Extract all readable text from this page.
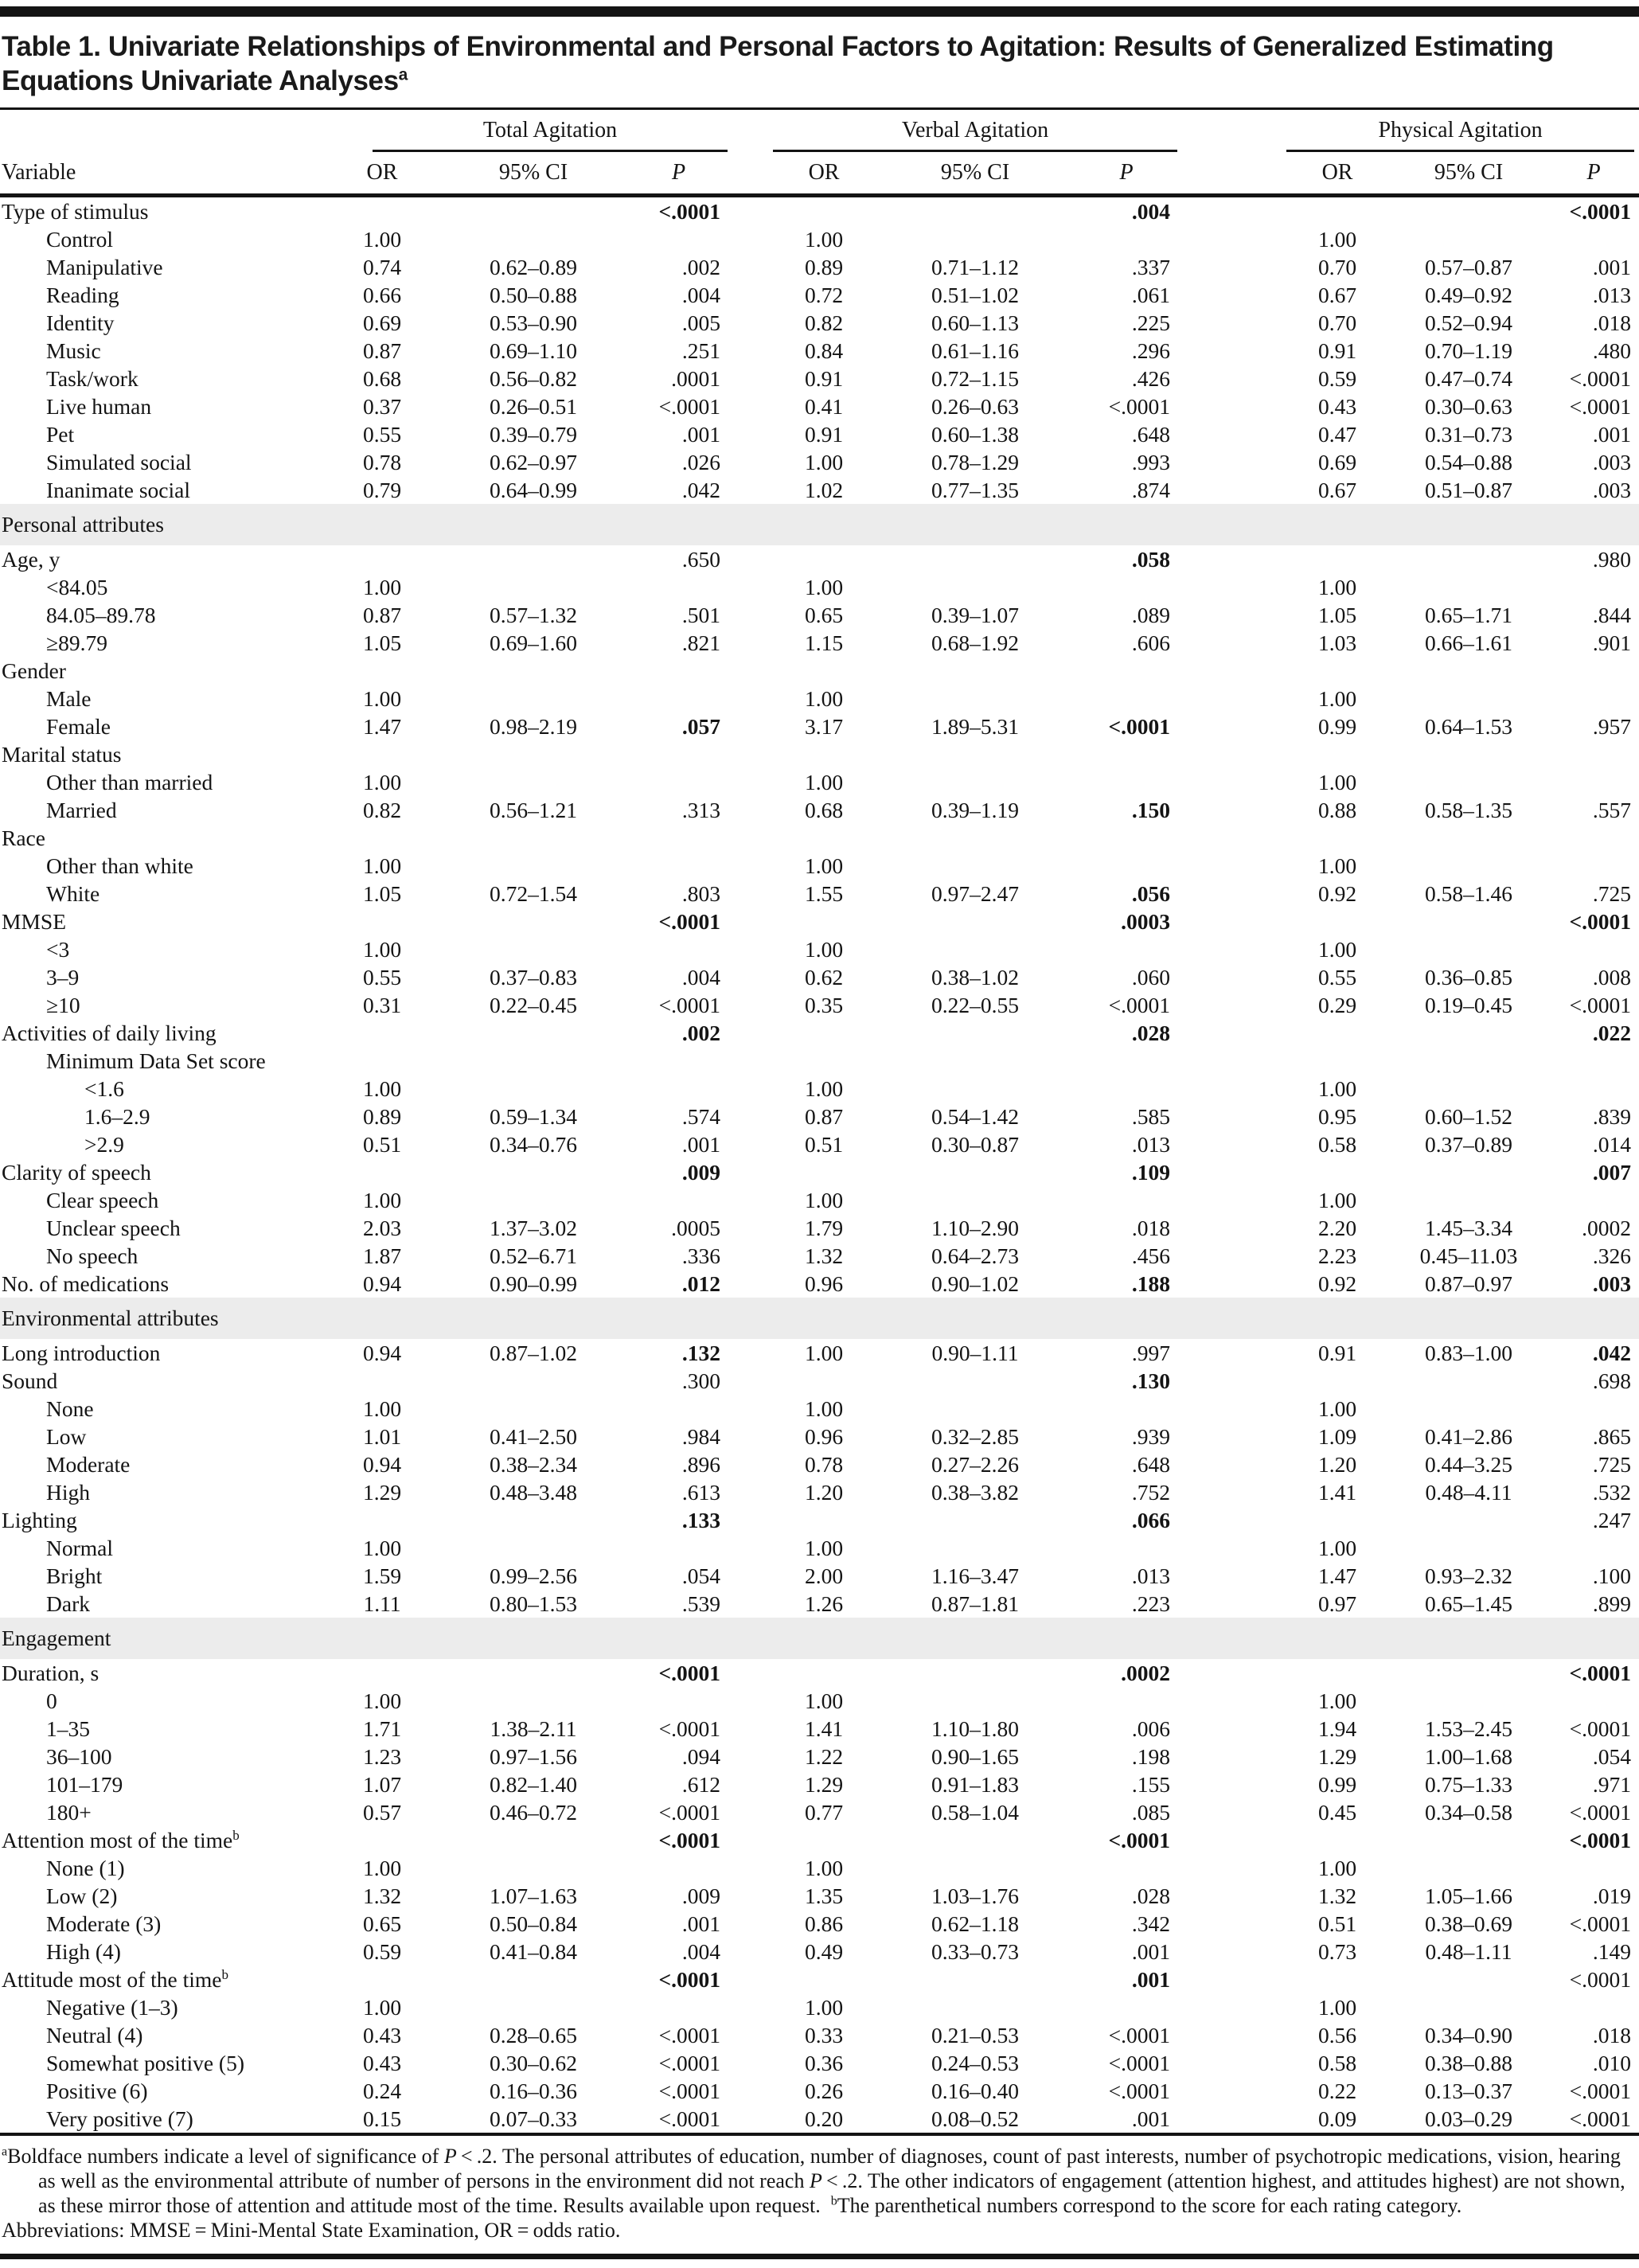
Table 1. Univariate Relationships of Environmental and Personal Factors to Agitation: Results of Generalized Estimating
Equations Univariate Analyses$^a$

	Total Agitation				Verbal Agitation				Physical Agitation		

Variable	OR	95% CI	P		OR	95% CI	P		OR	95% CI	P
Type of stimulus			<.0001				.004				<.0001
Control	1.00				1.00				1.00		
Manipulative	0.74	0.62–0.89	.002		0.89	0.71–1.12	.337		0.70	0.57–0.87	.001
Reading	0.66	0.50–0.88	.004		0.72	0.51–1.02	.061		0.67	0.49–0.92	.013
Identity	0.69	0.53–0.90	.005		0.82	0.60–1.13	.225		0.70	0.52–0.94	.018
Music	0.87	0.69–1.10	.251		0.84	0.61–1.16	.296		0.91	0.70–1.19	.480
Task/work	0.68	0.56–0.82	.0001		0.91	0.72–1.15	.426		0.59	0.47–0.74	<.0001
Live human	0.37	0.26–0.51	<.0001		0.41	0.26–0.63	<.0001		0.43	0.30–0.63	<.0001
Pet	0.55	0.39–0.79	.001		0.91	0.60–1.38	.648		0.47	0.31–0.73	.001
Simulated social	0.78	0.62–0.97	.026		1.00	0.78–1.29	.993		0.69	0.54–0.88	.003
Inanimate social	0.79	0.64–0.99	.042		1.02	0.77–1.35	.874		0.67	0.51–0.87	.003
Personal attributes											
Age, y			.650				.058				.980
<84.05	1.00				1.00				1.00		
84.05–89.78	0.87	0.57–1.32	.501		0.65	0.39–1.07	.089		1.05	0.65–1.71	.844
≥89.79	1.05	0.69–1.60	.821		1.15	0.68–1.92	.606		1.03	0.66–1.61	.901
Gender											
Male	1.00				1.00				1.00		
Female	1.47	0.98–2.19	.057		3.17	1.89–5.31	<.0001		0.99	0.64–1.53	.957
Marital status											
Other than married	1.00				1.00				1.00		
Married	0.82	0.56–1.21	.313		0.68	0.39–1.19	.150		0.88	0.58–1.35	.557
Race											
Other than white	1.00				1.00				1.00		
White	1.05	0.72–1.54	.803		1.55	0.97–2.47	.056		0.92	0.58–1.46	.725
MMSE			<.0001				.0003				<.0001
<3	1.00				1.00				1.00		
3–9	0.55	0.37–0.83	.004		0.62	0.38–1.02	.060		0.55	0.36–0.85	.008
≥10	0.31	0.22–0.45	<.0001		0.35	0.22–0.55	<.0001		0.29	0.19–0.45	<.0001
Activities of daily living			.002				.028				.022
Minimum Data Set score											
<1.6	1.00				1.00				1.00		
1.6–2.9	0.89	0.59–1.34	.574		0.87	0.54–1.42	.585		0.95	0.60–1.52	.839
>2.9	0.51	0.34–0.76	.001		0.51	0.30–0.87	.013		0.58	0.37–0.89	.014
Clarity of speech			.009				.109				.007
Clear speech	1.00				1.00				1.00		
Unclear speech	2.03	1.37–3.02	.0005		1.79	1.10–2.90	.018		2.20	1.45–3.34	.0002
No speech	1.87	0.52–6.71	.336		1.32	0.64–2.73	.456		2.23	0.45–11.03	.326
No. of medications	0.94	0.90–0.99	.012		0.96	0.90–1.02	.188		0.92	0.87–0.97	.003
Environmental attributes											
Long introduction	0.94	0.87–1.02	.132		1.00	0.90–1.11	.997		0.91	0.83–1.00	.042
Sound			.300				.130				.698
None	1.00				1.00				1.00		
Low	1.01	0.41–2.50	.984		0.96	0.32–2.85	.939		1.09	0.41–2.86	.865
Moderate	0.94	0.38–2.34	.896		0.78	0.27–2.26	.648		1.20	0.44–3.25	.725
High	1.29	0.48–3.48	.613		1.20	0.38–3.82	.752		1.41	0.48–4.11	.532
Lighting			.133				.066				.247
Normal	1.00				1.00				1.00		
Bright	1.59	0.99–2.56	.054		2.00	1.16–3.47	.013		1.47	0.93–2.32	.100
Dark	1.11	0.80–1.53	.539		1.26	0.87–1.81	.223		0.97	0.65–1.45	.899
Engagement											
Duration, s			<.0001				.0002				<.0001
0	1.00				1.00				1.00		
1–35	1.71	1.38–2.11	<.0001		1.41	1.10–1.80	.006		1.94	1.53–2.45	<.0001
36–100	1.23	0.97–1.56	.094		1.22	0.90–1.65	.198		1.29	1.00–1.68	.054
101–179	1.07	0.82–1.40	.612		1.29	0.91–1.83	.155		0.99	0.75–1.33	.971
180+	0.57	0.46–0.72	<.0001		0.77	0.58–1.04	.085		0.45	0.34–0.58	<.0001
Attention most of the time$^b$			<.0001				<.0001				<.0001
None (1)	1.00				1.00				1.00		
Low (2)	1.32	1.07–1.63	.009		1.35	1.03–1.76	.028		1.32	1.05–1.66	.019
Moderate (3)	0.65	0.50–0.84	.001		0.86	0.62–1.18	.342		0.51	0.38–0.69	<.0001
High (4)	0.59	0.41–0.84	.004		0.49	0.33–0.73	.001		0.73	0.48–1.11	.149
Attitude most of the time$^b$			<.0001				.001				<.0001
Negative (1–3)	1.00				1.00				1.00		
Neutral (4)	0.43	0.28–0.65	<.0001		0.33	0.21–0.53	<.0001		0.56	0.34–0.90	.018
Somewhat positive (5)	0.43	0.30–0.62	<.0001		0.36	0.24–0.53	<.0001		0.58	0.38–0.88	.010
Positive (6)	0.24	0.16–0.36	<.0001		0.26	0.16–0.40	<.0001		0.22	0.13–0.37	<.0001
Very positive (7)	0.15	0.07–0.33	<.0001		0.20	0.08–0.52	.001		0.09	0.03–0.29	<.0001

$^a$Boldface numbers indicate a level of significance of P < .2. The personal attributes of education, number of diagnoses, count of past interests, number of psychotropic medications, vision, hearing as well as the environmental attribute of number of persons in the environment did not reach P < .2. The other indicators of engagement (attention highest, and attitudes highest) are not shown, as these mirror those of attention and attitude most of the time. Results available upon request. $^b$The parenthetical numbers correspond to the score for each rating category.

Abbreviations: MMSE = Mini-Mental State Examination, OR = odds ratio.
